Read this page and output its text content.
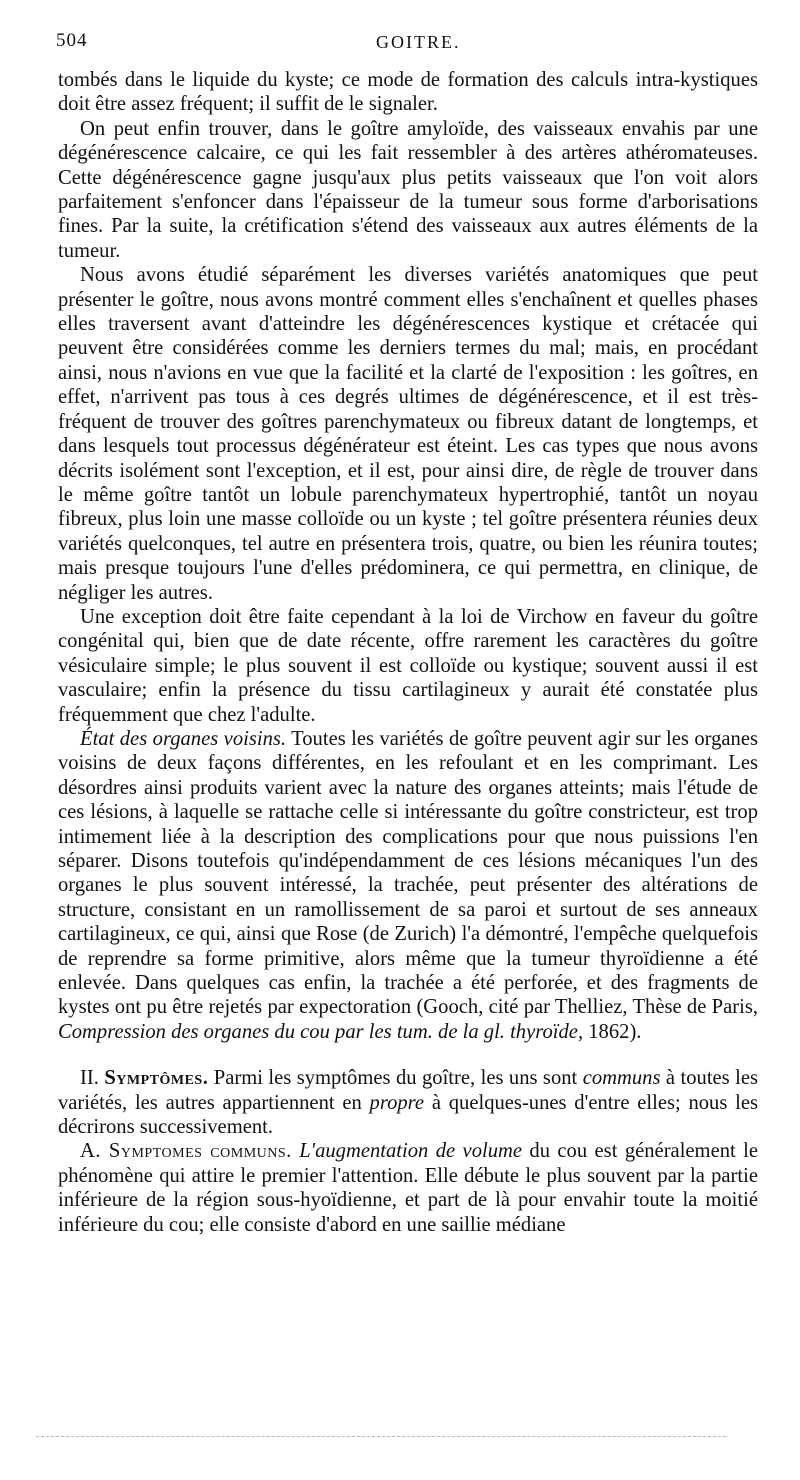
504	GOITRE.

tombés dans le liquide du kyste; ce mode de formation des calculs intra-kystiques doit être assez fréquent; il suffit de le signaler.

On peut enfin trouver, dans le goître amyloïde, des vaisseaux envahis par une dégénérescence calcaire, ce qui les fait ressembler à des artères athéromateuses. Cette dégénérescence gagne jusqu'aux plus petits vaisseaux que l'on voit alors parfaitement s'enfoncer dans l'épaisseur de la tumeur sous forme d'arborisations fines. Par la suite, la crétification s'étend des vaisseaux aux autres éléments de la tumeur.

Nous avons étudié séparément les diverses variétés anatomiques que peut présenter le goître, nous avons montré comment elles s'enchaînent et quelles phases elles traversent avant d'atteindre les dégénérescences kystique et crétacée qui peuvent être considérées comme les derniers termes du mal; mais, en procédant ainsi, nous n'avions en vue que la facilité et la clarté de l'exposition : les goîtres, en effet, n'arrivent pas tous à ces degrés ultimes de dégénérescence, et il est très-fréquent de trouver des goîtres parenchymateux ou fibreux datant de longtemps, et dans lesquels tout processus dégénérateur est éteint. Les cas types que nous avons décrits isolément sont l'exception, et il est, pour ainsi dire, de règle de trouver dans le même goître tantôt un lobule parenchymateux hypertrophié, tantôt un noyau fibreux, plus loin une masse colloïde ou un kyste ; tel goître présentera réunies deux variétés quelconques, tel autre en présentera trois, quatre, ou bien les réunira toutes; mais presque toujours l'une d'elles prédominera, ce qui permettra, en clinique, de négliger les autres.

Une exception doit être faite cependant à la loi de Virchow en faveur du goître congénital qui, bien que de date récente, offre rarement les caractères du goître vésiculaire simple; le plus souvent il est colloïde ou kystique; souvent aussi il est vasculaire; enfin la présence du tissu cartilagineux y aurait été constatée plus fréquemment que chez l'adulte.

État des organes voisins. Toutes les variétés de goître peuvent agir sur les organes voisins de deux façons différentes, en les refoulant et en les comprimant. Les désordres ainsi produits varient avec la nature des organes atteints; mais l'étude de ces lésions, à laquelle se rattache celle si intéressante du goître constricteur, est trop intimement liée à la description des complications pour que nous puissions l'en séparer. Disons toutefois qu'indépendamment de ces lésions mécaniques l'un des organes le plus souvent intéressé, la trachée, peut présenter des altérations de structure, consistant en un ramollissement de sa paroi et surtout de ses anneaux cartilagineux, ce qui, ainsi que Rose (de Zurich) l'a démontré, l'empêche quelquefois de reprendre sa forme primitive, alors même que la tumeur thyroïdienne a été enlevée. Dans quelques cas enfin, la trachée a été perforée, et des fragments de kystes ont pu être rejetés par expectoration (Gooch, cité par Thelliez, Thèse de Paris, Compression des organes du cou par les tum. de la gl. thyroïde, 1862).

II. Symptômes. Parmi les symptômes du goître, les uns sont communs à toutes les variétés, les autres appartiennent en propre à quelques-unes d'entre elles; nous les décrirons successivement.

A. Symptomes communs. L'augmentation de volume du cou est généralement le phénomène qui attire le premier l'attention. Elle débute le plus souvent par la partie inférieure de la région sous-hyoïdienne, et part de là pour envahir toute la moitié inférieure du cou; elle consiste d'abord en une saillie médiane
